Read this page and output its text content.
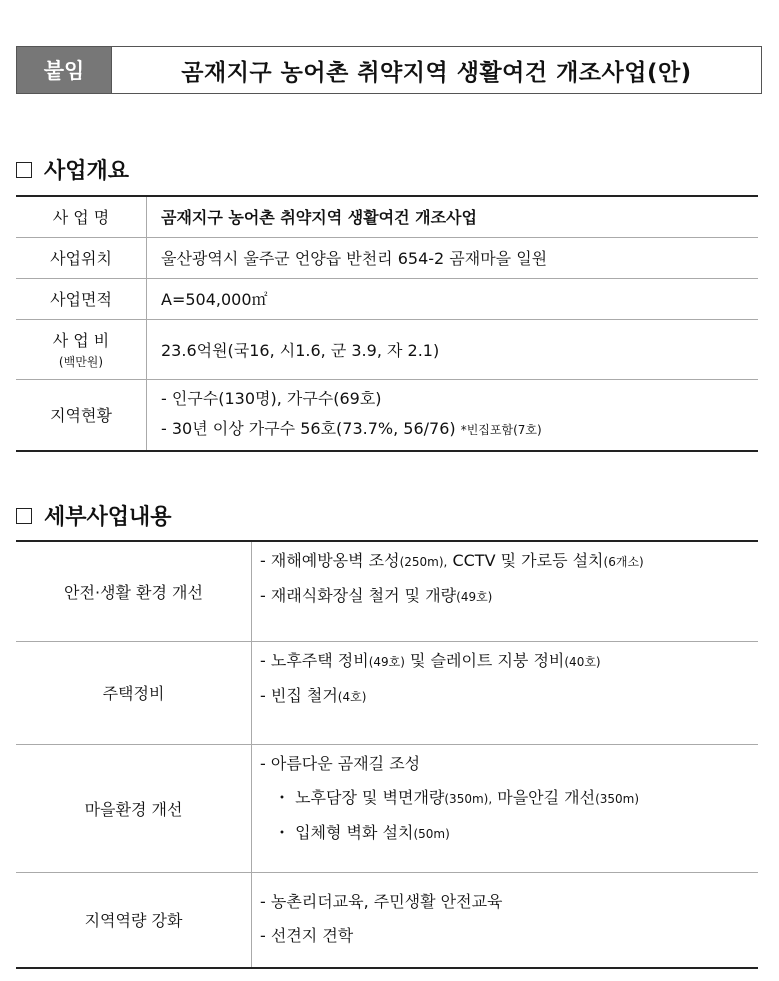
붙임	곰재지구 농어촌 취약지역 생활여건 개조사업(안)
사업개요
사 업 명	곰재지구 농어촌 취약지역 생활여건 개조사업
사업위치	울산광역시 울주군 언양읍 반천리 654-2 곰재마을 일원
사업면적	A=504,000㎡
사 업 비
(백만원)	23.6억원(국16, 시1.6, 군 3.9, 자 2.1)
지역현황	- 인구수(130명), 가구수(69호)
- 30년 이상 가구수 56호(73.7%, 56/76) *빈집포함(7호)
세부사업내용
안전·생활 환경 개선	- 재해예방옹벽 조성(250m), CCTV 및 가로등 설치(6개소)
- 재래식화장실 철거 및 개량(49호)

주택정비	- 노후주택 정비(49호) 및 슬레이트 지붕 정비(40호)
- 빈집 철거(4호)

마을환경 개선	- 아름다운 곰재길 조성
・ 노후담장 및 벽면개량(350m), 마을안길 개선(350m)
・ 입체형 벽화 설치(50m)

지역역량 강화	- 농촌리더교육, 주민생활 안전교육
- 선견지 견학
